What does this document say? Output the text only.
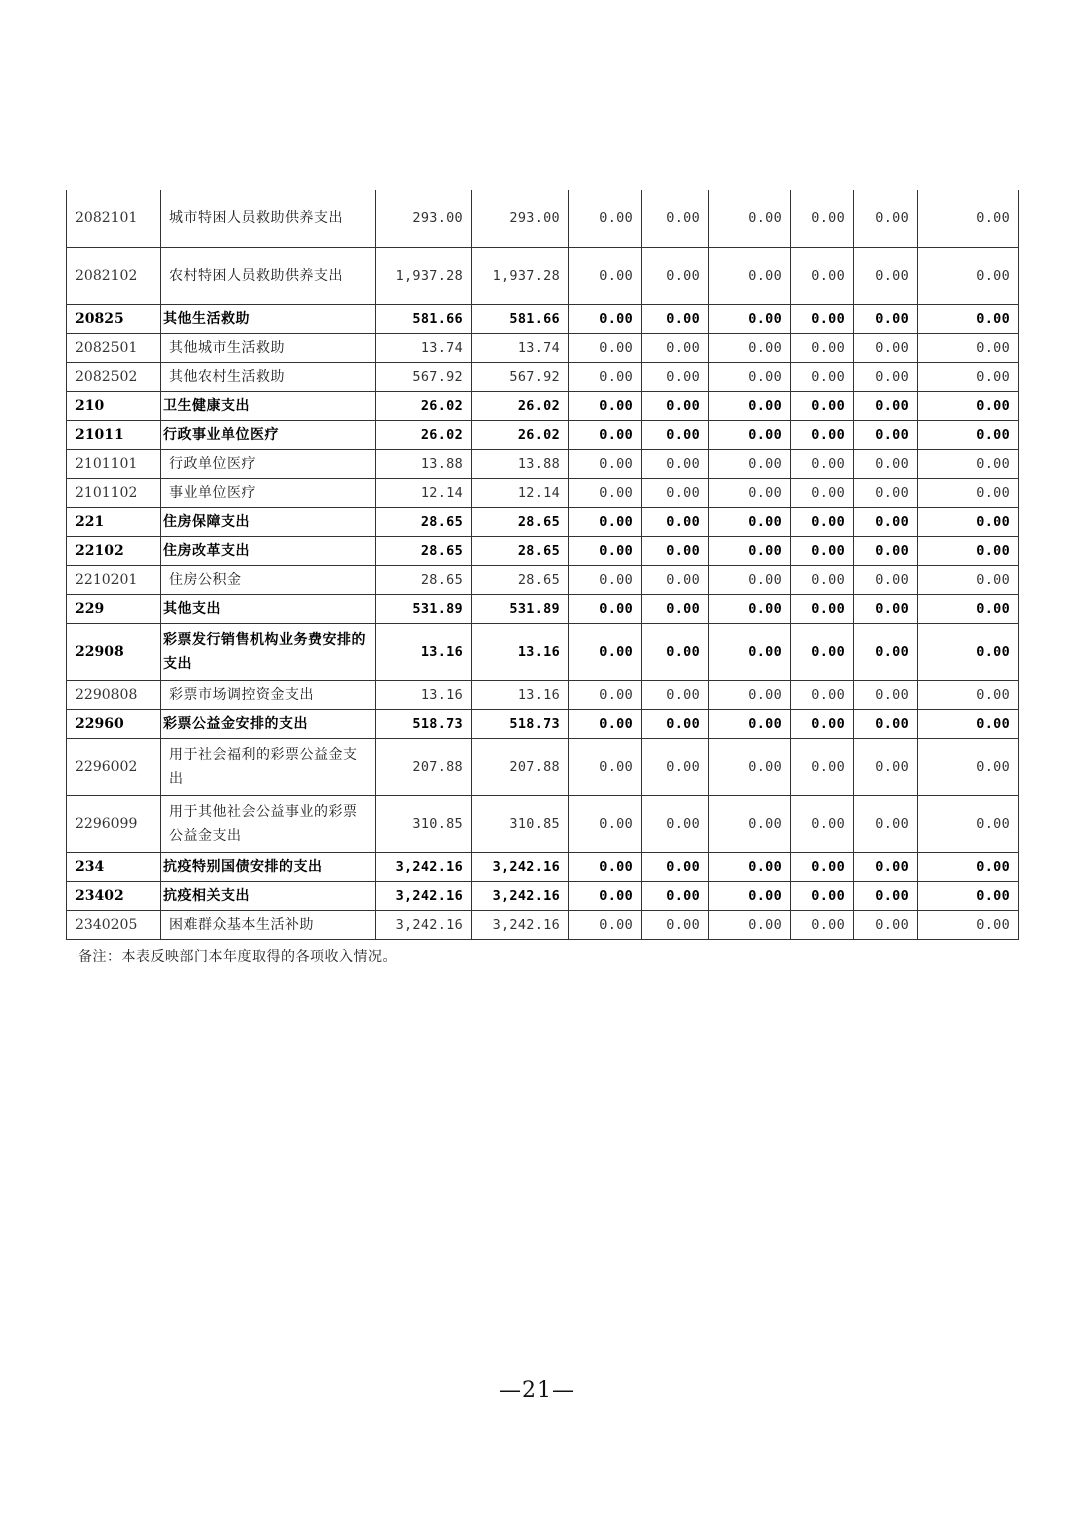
2082101	城市特困人员救助供养支出	293.00	293.00	0.00	0.00	0.00	0.00	0.00	0.00
2082102	农村特困人员救助供养支出	1,937.28	1,937.28	0.00	0.00	0.00	0.00	0.00	0.00
20825	其他生活救助	581.66	581.66	0.00	0.00	0.00	0.00	0.00	0.00
2082501	其他城市生活救助	13.74	13.74	0.00	0.00	0.00	0.00	0.00	0.00
2082502	其他农村生活救助	567.92	567.92	0.00	0.00	0.00	0.00	0.00	0.00
210	卫生健康支出	26.02	26.02	0.00	0.00	0.00	0.00	0.00	0.00
21011	行政事业单位医疗	26.02	26.02	0.00	0.00	0.00	0.00	0.00	0.00
2101101	行政单位医疗	13.88	13.88	0.00	0.00	0.00	0.00	0.00	0.00
2101102	事业单位医疗	12.14	12.14	0.00	0.00	0.00	0.00	0.00	0.00
221	住房保障支出	28.65	28.65	0.00	0.00	0.00	0.00	0.00	0.00
22102	住房改革支出	28.65	28.65	0.00	0.00	0.00	0.00	0.00	0.00
2210201	住房公积金	28.65	28.65	0.00	0.00	0.00	0.00	0.00	0.00
229	其他支出	531.89	531.89	0.00	0.00	0.00	0.00	0.00	0.00
22908	彩票发行销售机构业务费安排的支出	13.16	13.16	0.00	0.00	0.00	0.00	0.00	0.00
2290808	彩票市场调控资金支出	13.16	13.16	0.00	0.00	0.00	0.00	0.00	0.00
22960	彩票公益金安排的支出	518.73	518.73	0.00	0.00	0.00	0.00	0.00	0.00
2296002	用于社会福利的彩票公益金支出	207.88	207.88	0.00	0.00	0.00	0.00	0.00	0.00
2296099	用于其他社会公益事业的彩票公益金支出	310.85	310.85	0.00	0.00	0.00	0.00	0.00	0.00
234	抗疫特别国债安排的支出	3,242.16	3,242.16	0.00	0.00	0.00	0.00	0.00	0.00
23402	抗疫相关支出	3,242.16	3,242.16	0.00	0.00	0.00	0.00	0.00	0.00
2340205	困难群众基本生活补助	3,242.16	3,242.16	0.00	0.00	0.00	0.00	0.00	0.00
备注：本表反映部门本年度取得的各项收入情况。
—21—
